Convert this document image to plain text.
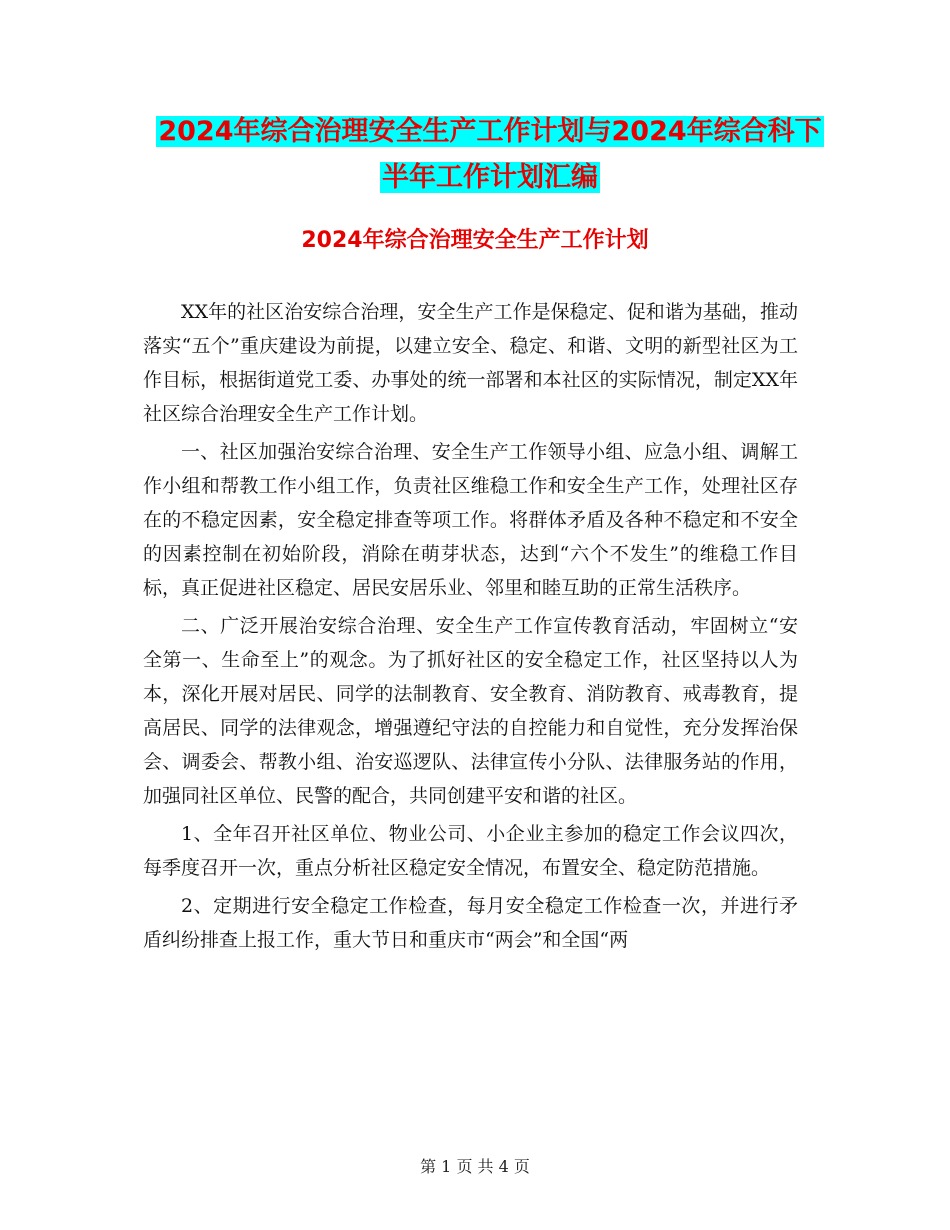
2024年综合治理安全生产工作计划与2024年综合科下
半年工作计划汇编
2024年综合治理安全生产工作计划

XX年的社区治安综合治理，安全生产工作是保稳定、促和谐为基础，推动落实“五个”重庆建设为前提，以建立安全、稳定、和谐、文明的新型社区为工作目标，根据街道党工委、办事处的统一部署和本社区的实际情况，制定XX年社区综合治理安全生产工作计划。

一、社区加强治安综合治理、安全生产工作领导小组、应急小组、调解工作小组和帮教工作小组工作，负责社区维稳工作和安全生产工作，处理社区存在的不稳定因素，安全稳定排查等项工作。将群体矛盾及各种不稳定和不安全的因素控制在初始阶段，消除在萌芽状态，达到“六个不发生”的维稳工作目标，真正促进社区稳定、居民安居乐业、邻里和睦互助的正常生活秩序。

二、广泛开展治安综合治理、安全生产工作宣传教育活动，牢固树立“安全第一、生命至上”的观念。为了抓好社区的安全稳定工作，社区坚持以人为本，深化开展对居民、同学的法制教育、安全教育、消防教育、戒毒教育，提高居民、同学的法律观念，增强遵纪守法的自控能力和自觉性，充分发挥治保会、调委会、帮教小组、治安巡逻队、法律宣传小分队、法律服务站的作用，加强同社区单位、民警的配合，共同创建平安和谐的社区。

1、全年召开社区单位、物业公司、小企业主参加的稳定工作会议四次，每季度召开一次，重点分析社区稳定安全情况，布置安全、稳定防范措施。

2、定期进行安全稳定工作检查，每月安全稳定工作检查一次，并进行矛盾纠纷排查上报工作，重大节日和重庆市“两会”和全国“两

第 1 页 共 4 页
